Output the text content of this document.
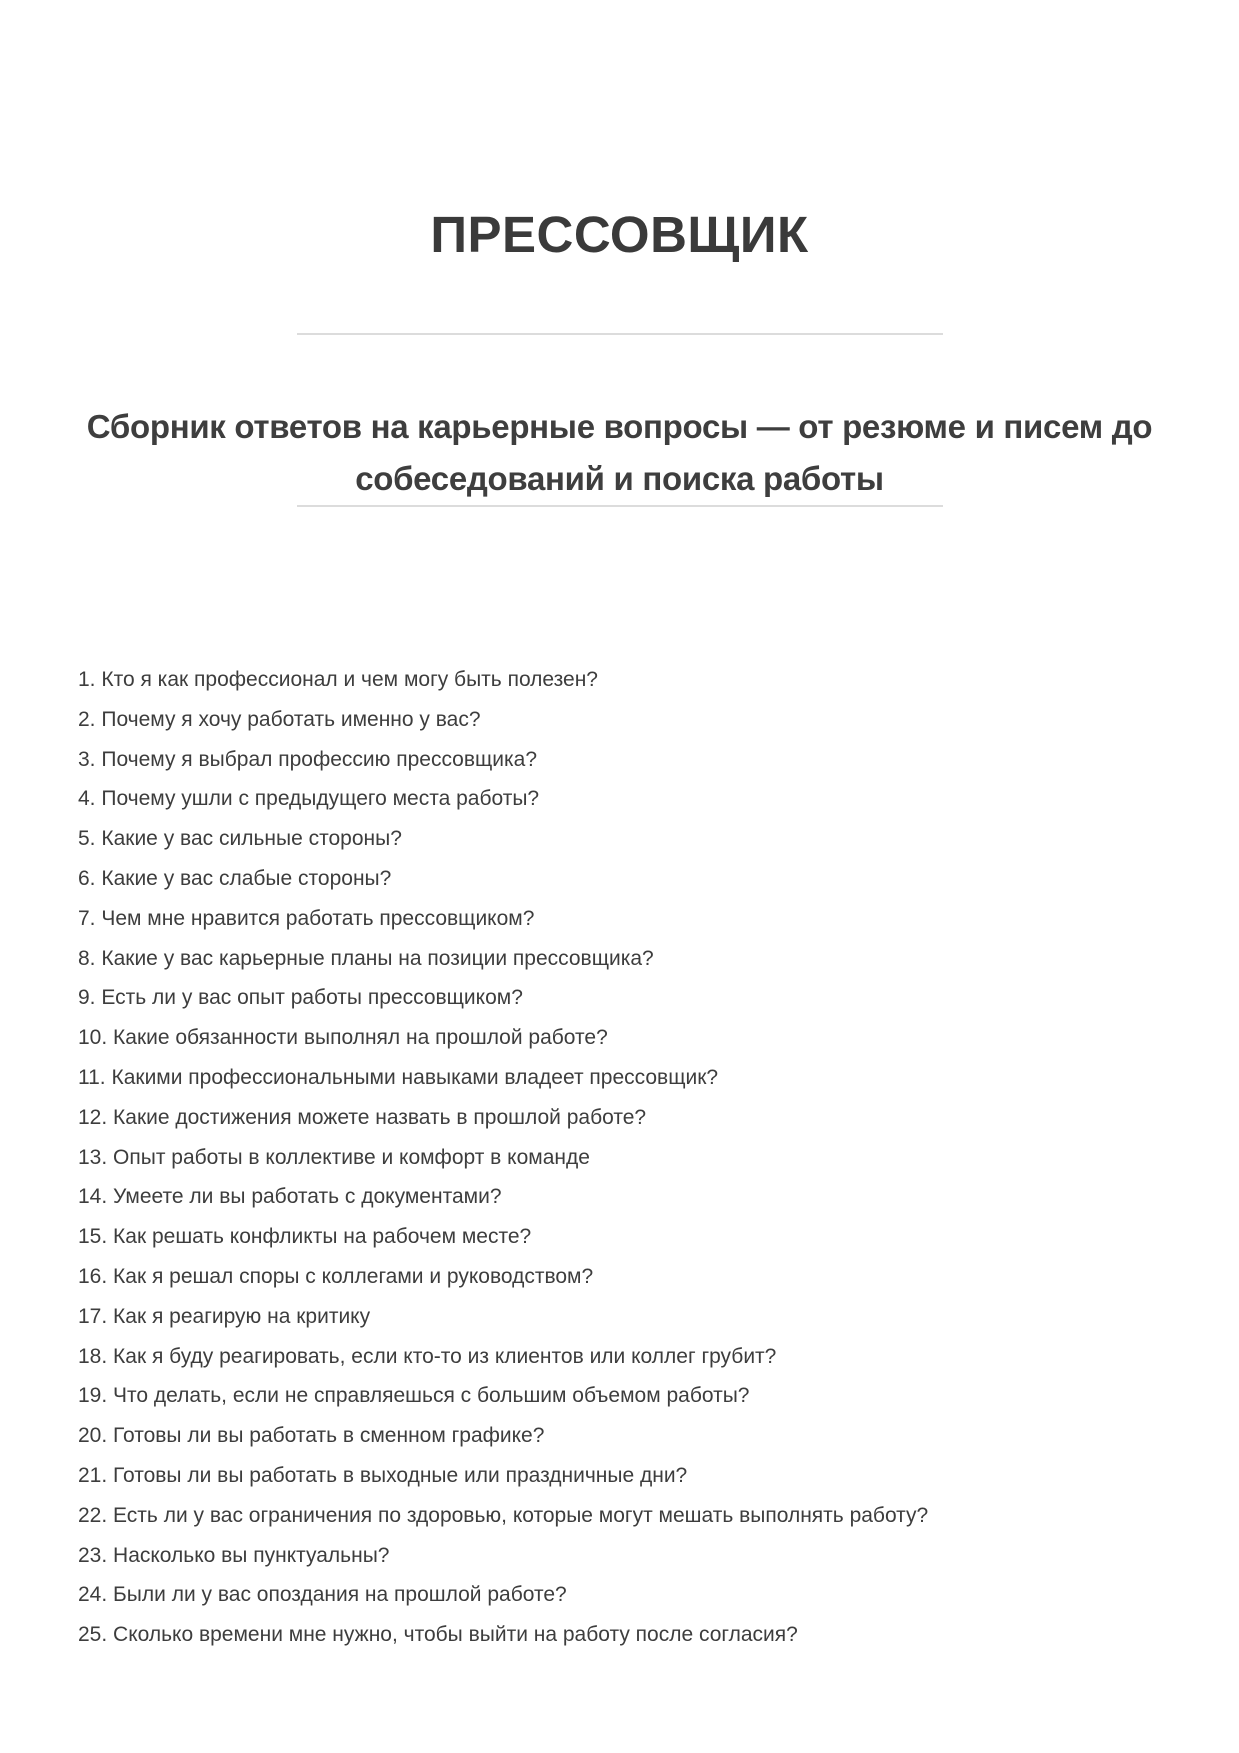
ПРЕССОВЩИК
Сборник ответов на карьерные вопросы — от резюме и писем до
собеседований и поиска работы
1. Кто я как профессионал и чем могу быть полезен?
2. Почему я хочу работать именно у вас?
3. Почему я выбрал профессию прессовщика?
4. Почему ушли с предыдущего места работы?
5. Какие у вас сильные стороны?
6. Какие у вас слабые стороны?
7. Чем мне нравится работать прессовщиком?
8. Какие у вас карьерные планы на позиции прессовщика?
9. Есть ли у вас опыт работы прессовщиком?
10. Какие обязанности выполнял на прошлой работе?
11. Какими профессиональными навыками владеет прессовщик?
12. Какие достижения можете назвать в прошлой работе?
13. Опыт работы в коллективе и комфорт в команде
14. Умеете ли вы работать с документами?
15. Как решать конфликты на рабочем месте?
16. Как я решал споры с коллегами и руководством?
17. Как я реагирую на критику
18. Как я буду реагировать, если кто-то из клиентов или коллег грубит?
19. Что делать, если не справляешься с большим объемом работы?
20. Готовы ли вы работать в сменном графике?
21. Готовы ли вы работать в выходные или праздничные дни?
22. Есть ли у вас ограничения по здоровью, которые могут мешать выполнять работу?
23. Насколько вы пунктуальны?
24. Были ли у вас опоздания на прошлой работе?
25. Сколько времени мне нужно, чтобы выйти на работу после согласия?
